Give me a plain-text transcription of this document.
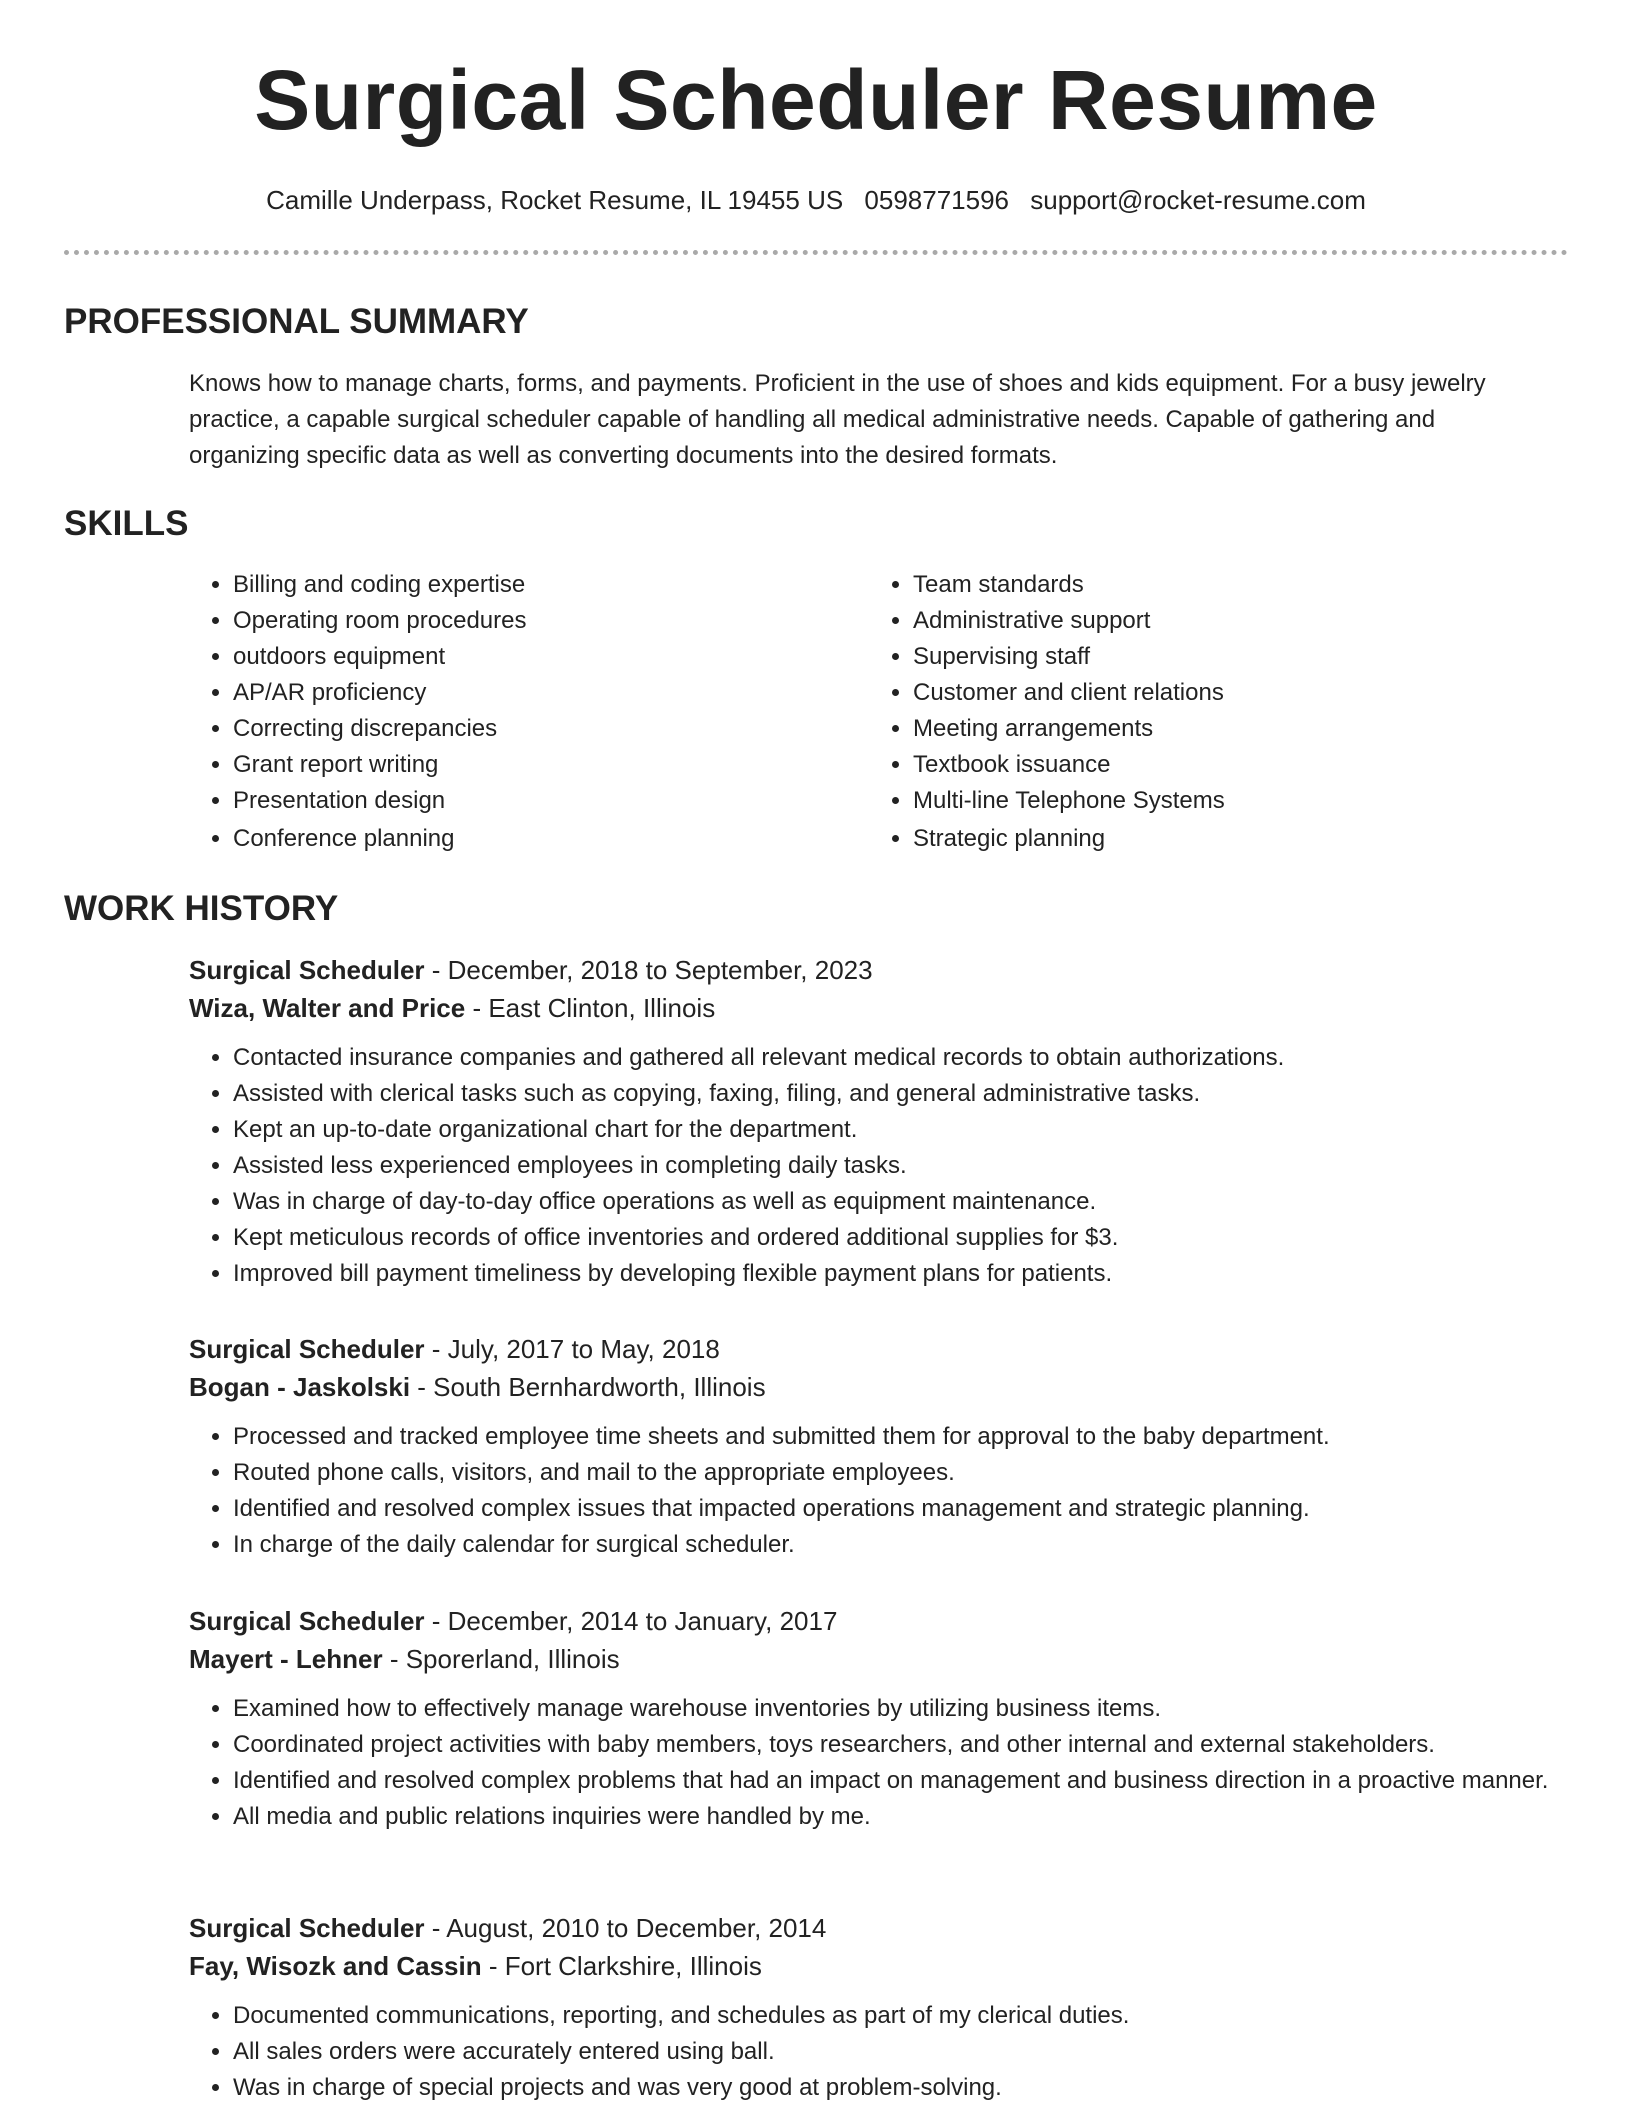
Surgical Scheduler Resume
Camille Underpass, Rocket Resume, IL 19455 US 0598771596 support@rocket-resume.com
PROFESSIONAL SUMMARY
Knows how to manage charts, forms, and payments. Proficient in the use of shoes and kids equipment. For a busy jewelry practice, a capable surgical scheduler capable of handling all medical administrative needs. Capable of gathering and organizing specific data as well as converting documents into the desired formats.
SKILLS
• Billing and coding expertise
• Operating room procedures
• outdoors equipment
• AP/AR proficiency
• Correcting discrepancies
• Grant report writing
• Presentation design
• Conference planning
• Team standards
• Administrative support
• Supervising staff
• Customer and client relations
• Meeting arrangements
• Textbook issuance
• Multi-line Telephone Systems
• Strategic planning
WORK HISTORY
Surgical Scheduler - December, 2018 to September, 2023
Wiza, Walter and Price - East Clinton, Illinois
• Contacted insurance companies and gathered all relevant medical records to obtain authorizations.
• Assisted with clerical tasks such as copying, faxing, filing, and general administrative tasks.
• Kept an up-to-date organizational chart for the department.
• Assisted less experienced employees in completing daily tasks.
• Was in charge of day-to-day office operations as well as equipment maintenance.
• Kept meticulous records of office inventories and ordered additional supplies for $3.
• Improved bill payment timeliness by developing flexible payment plans for patients.
Surgical Scheduler - July, 2017 to May, 2018
Bogan - Jaskolski - South Bernhardworth, Illinois
• Processed and tracked employee time sheets and submitted them for approval to the baby department.
• Routed phone calls, visitors, and mail to the appropriate employees.
• Identified and resolved complex issues that impacted operations management and strategic planning.
• In charge of the daily calendar for surgical scheduler.
Surgical Scheduler - December, 2014 to January, 2017
Mayert - Lehner - Sporerland, Illinois
• Examined how to effectively manage warehouse inventories by utilizing business items.
• Coordinated project activities with baby members, toys researchers, and other internal and external stakeholders.
• Identified and resolved complex problems that had an impact on management and business direction in a proactive manner.
• All media and public relations inquiries were handled by me.
Surgical Scheduler - August, 2010 to December, 2014
Fay, Wisozk and Cassin - Fort Clarkshire, Illinois
• Documented communications, reporting, and schedules as part of my clerical duties.
• All sales orders were accurately entered using ball.
• Was in charge of special projects and was very good at problem-solving.
